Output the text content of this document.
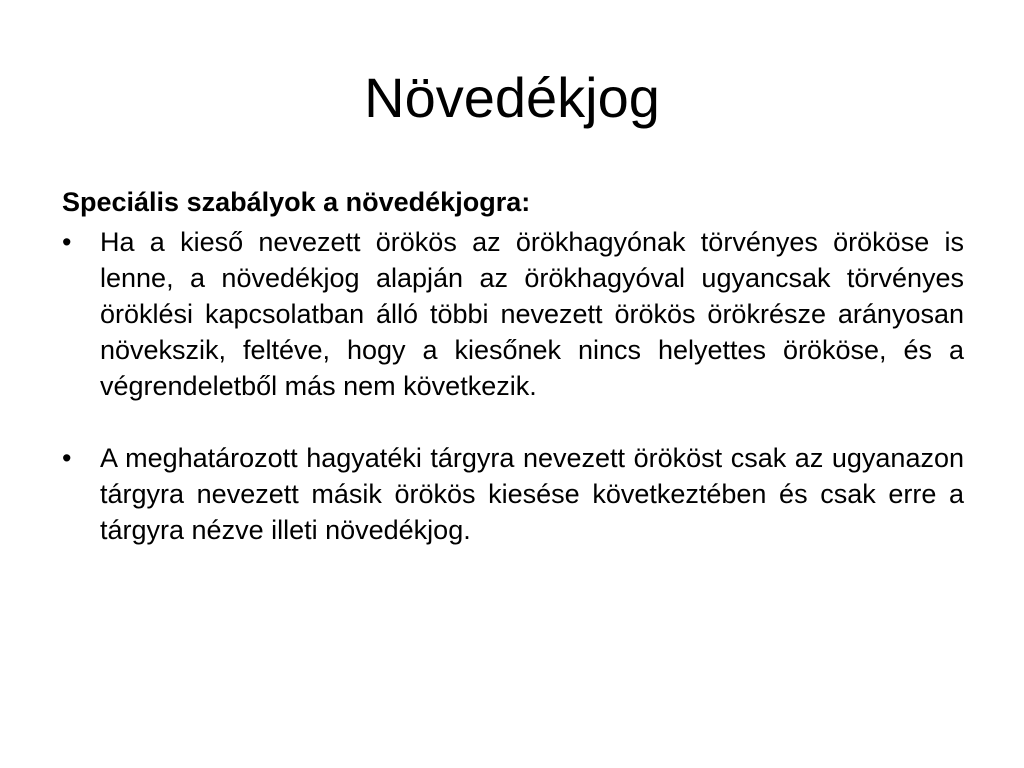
Növedékjog

Speciális szabályok a növedékjogra:

•	Ha a kieső nevezett örökös az örökhagyónak törvényes örököse is lenne, a növedékjog alapján az örökhagyóval ugyancsak törvényes öröklési kapcsolatban álló többi nevezett örökös örökrésze arányosan növekszik, feltéve, hogy a kiesőnek nincs helyettes örököse, és a végrendeletből más nem következik.
•	A meghatározott hagyatéki tárgyra nevezett örököst csak az ugyanazon tárgyra nevezett másik örökös kiesése következtében és csak erre a tárgyra nézve illeti növedékjog.
